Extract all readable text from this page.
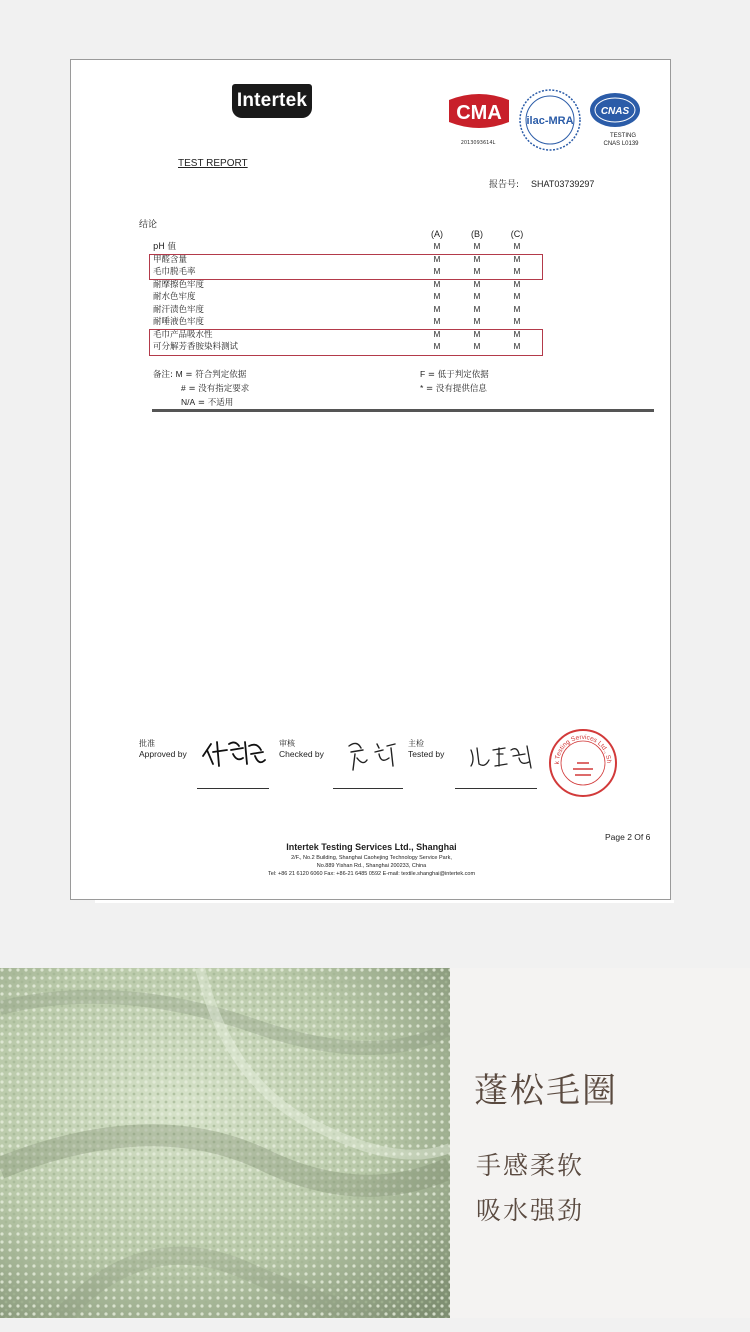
Intertek
CMA
2013093614L
ilac-MRA
CNAS
TESTING
CNAS L0139
TEST REPORT
报告号: SHAT03739297
结论
(A)	(B)	(C)
pH 值	M	M	M
甲醛含量	M	M	M
毛巾脱毛率	M	M	M
耐摩擦色牢度	M	M	M
耐水色牢度	M	M	M
耐汗渍色牢度	M	M	M
耐唾液色牢度	M	M	M
毛巾产品吸水性	M	M	M
可分解芳香胺染料测试	M	M	M
备注: M = 符合判定依据
# = 没有指定要求
N/A = 不适用
F = 低于判定依据
* = 没有提供信息
批准
Approved by
审核
Checked by
主检
Tested by
k Testing Services Ltd., Sh
Page 2 Of 6
Intertek Testing Services Ltd., Shanghai
2/F., No.2 Building, Shanghai Caohejing Technology Service Park,
No.889 Yishan Rd., Shanghai 200233, China
Tel: +86 21 6120 6060 Fax: +86-21 6485 0592 E-mail: textile.shanghai@intertek.com
蓬松毛圈
手感柔软
吸水强劲
